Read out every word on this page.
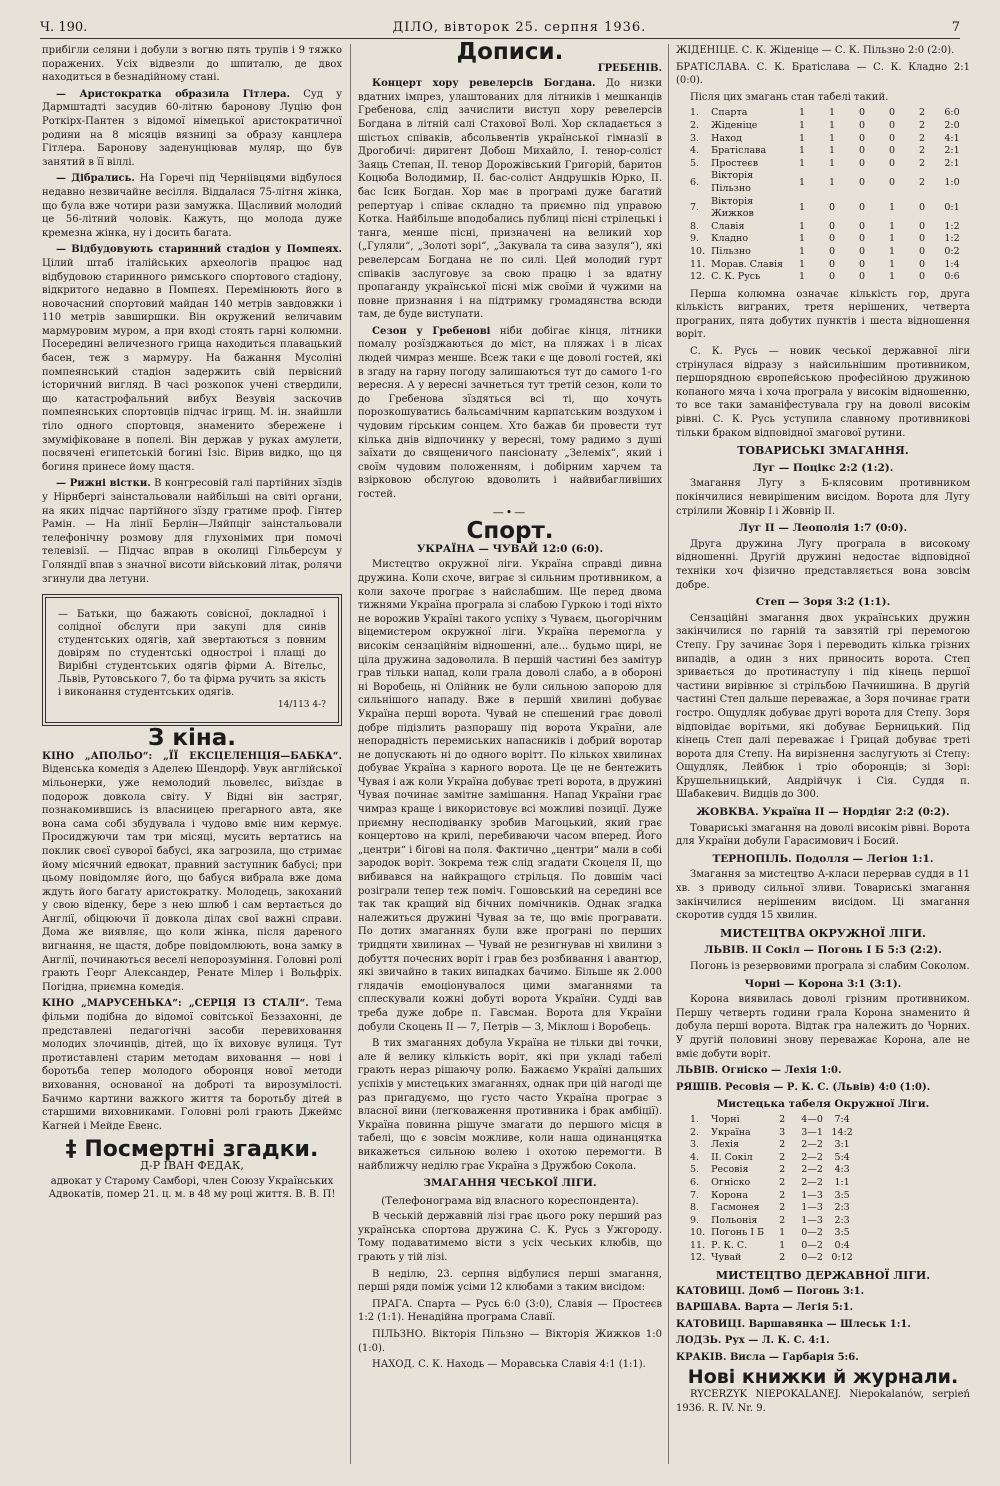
Ч. 190.	ДІЛО, вівторок 25. серпня 1936.	7

прибігли селяни і добули з вогню пять трупів і 9 тяжко поражених. Усіх відвезли до шпиталю, де двох находиться в безнадійному стані.

— Аристократка образила Гітлера. Суд у Дармштадті засудив 60-літню баронову Луцію фон Роткірх-Пантен з відомої німецької аристократичної родини на 8 місяців вязниці за образу канцлера Гітлера. Баронову заденунціював муляр, що був занятий в її віллі.

— Дібрались. На Горечі під Черніівцями відбулося недавно незвичайне весілля. Віддалася 75-літня жінка, що була вже чотири рази замужка. Щасливий молодий це 56-літний чоловік. Кажуть, що молода дуже кремезна жінка, ну і досить багата.

— Відбудовують старинний стадіон у Помпеях. Цілий штаб італійських археологів працює над відбудовою старинного римського спортового стадіону, відкритого недавно в Помпеях. Перемінюють його в новочасний спортовий майдан 140 метрів завдовжки і 110 метрів завширшки. Він окружений величавим мармуровим муром, а при вході стоять гарні колюмни. Посередині величезного грища находиться плавацький басен, теж з мармуру. На бажання Мусоліні помпеянський стадіон задержить свій первісний історичний вигляд. В часі розкопок учені ствердили, що катастрофальний вибух Везувія заскочив помпеянських спортовців підчас ігрищ. М. ін. знайшли тіло одного спортовця, знаменито збережене і змуміфіковане в попелі. Він держав у руках амулети, посвячені египетській богині Ізіс. Вірив видко, що ця богиня принесе йому щастя.

— Рижні вістки. В конгресовій галі партійних зїздів у Нірнбергі заінстальовали найбільші на світі органи, на яких підчас партійного зїзду гратиме проф. Гінтер Рамін. — На лінії Берлін—Ляйпціг заінстальовали телефонічну розмову для глухонімих при помочі телевізії. — Підчас вправ в околиці Гільберсум у Голяндії впав з значної висоти військовий літак, ролячи згинули два летуни.

— Батьки, що бажають совісної, докладної і солідної обслуги при закупі для синів студентських одягів, хай звертаються з повним довірям по студентські одностроі і плащі до Вирібні студентських одягів фірми А. Вітельс, Львів, Рутовського 7, бо та фірма ручить за якість і виконання студентських одягів.
14/113 4-?
З кіна.

КІНО „АПОЛЬО“: „ЇЇ ЕКСЦЕЛЕНЦІЯ—БАБКА“. Віденська комедія з Аделею Шендорф. Увук англійської мільонерки, уже немолодий льовелєс, виїздає в подорож довкола світу. У Відні він застряг, познакомившись із власницею прегарного авта, яке вона сама собі збудувала і чудово вміє ним кермує. Просиджуючи там три місяці, мусить вертатись на поклик своєї суворої бабусі, яка загрозила, що стримає йому місячний едвокат, правний заступник бабусі; при цьому повідомляє його, що бабуся вибрала вже дома ждуть його багату аристократку. Молодець, закоханий у свою віденку, бере з нею шлюб і сам вертається до Англії, обіцюючи її довкола ділах свої важні справи. Дома же виявляє, що коли жінка, після дареного вигнання, не щастя, добре повідомлюють, вона замку в Англії, починаються веселі непорозуміння. Головні ролі грають Георг Александер, Ренате Мілер і Вольфріх. Погідна, приємна комедія.

КІНО „МАРУСЕНЬКА“: „СЕРЦЯ ІЗ СТАЛІ“. Тема фільми подібна до відомої совітської Беззахонні, де представлені педагогічні засоби перевиховання молодих злочинців, дітей, що їх виховує вулиця. Тут протиставлені старим методам виховання — нові і боротьба тепер молодого оборонця нової методи виховання, основаної на доброті та вирозумілості. Бачимо картини важкого життя та боротьбу дітей в старшими виховниками. Головні ролі грають Джеймс Кагней і Мейде Евенс.

‡ Посмертні згадки.
Д-Р ІВАН ФЕДАК,

адвокат у Старому Самборі, член Союзу Українських Адвокатів, помер 21. ц. м. в 48 му році життя. В. В. П!

Дописи.
ГРЕБЕНІВ.

Концерт хору ревелерсів Богдана. До низки вдатних імпрез, улаштованих для літників і мешканців Гребенова, слід зачислити виступ хору ревелерсів Богдана в літній салі Стахової Волі. Хор складається з шістьох співаків, абсольвентів української гімназії в Дрогобичі: диригент Добош Михайло, І. тенор-соліст Заяць Степан, ІІ. тенор Дорожівський Григорій, баритон Коцюба Володимир, ІІ. бас-соліст Андрушків Юрко, ІІ. бас Ісик Богдан. Хор має в програмі дуже багатий репертуар і співає складно та приємно під управою Котка. Найбільше вподобались публиці пісні стрілецькі і танга, менше пісні, призначені на великий хор („Гуляли“, „Золоті зорі“, „Закувала та сива зазуля“), які ревелерсам Богдана не по силі. Цей молодий гурт співаків заслуговує за свою працю і за вдатну пропаганду української пісні між своїми й чужими на повне признання і на підтримку громадянства всюди там, де буде виступати.

Сезон у Гребенові ніби добігає кінця, літники помалу розїзджаються до міст, на пляжах і в лісах людей чимраз менше. Всеж таки є ще доволі гостей, які в згаду на гарну погоду залишаються тут до самого 1-го вересня. А у вересні зачнеться тут третій сезон, коли то до Гребенова зїздяться всі ті, що хочуть порозкошуватись бальсамічним карпатським воздухом і чудовим гірським сонцем. Хто бажав би провести тут кілька днів відпочинку у вересні, тому радимо з душі заїхати до священичого пансіонату „Зелеміх“, який і своїм чудовим положенням, і добірним харчем та взірковою обслугою вдоволить і найвибагливіших гостей.

—•—
Спорт.
УКРАЇНА — ЧУВАЙ 12:0 (6:0).

Мистецтво окружної ліги. Україна справді дивна дружина. Коли схоче, виграє зі сильним противником, а коли захоче програє з найслабшим. Ще перед двома тижнями Україна програла зі слабою Гуркою і тоді ніхто не ворожив Україні такого успіху з Чуваєм, цьогорічним віцемистером окружної ліги. Україна перемогла у високім сензаційнім відношенні, але... будьмо щирі, не ціла дружина задоволила. В першій частині без замітур грав тільки напад, коли грала доволі слабо, а в обороні ні Воробець, ні Олійник не були сильною запорою для сильнішого нападу. Вже в першій хвилині добуває Україна перші ворота. Чувай не спешений грає доволі добре підізлить разпорашу під ворота України, але непорадність перемиських напасників і добрий воротар не допускають ні до одного ворітт. По кількох хвилинах добуває Україна з карного ворота. Це це не бентежить Чувая і аж коли Україна добуває треті ворота, в дружині Чувая починає замітне замішання. Напад України грає чимраз краще і використовує всі можливі позиції. Дуже приємну несподіванку зробив Магоцький, який грає концертово на крилі, перебиваючи часом вперед. Його „центри“ і бігові на поля. Фактично „центри“ мали в собі зародок воріт. Зокрема теж слід згадати Скоцеля ІІ, що вибивався на найкращого стрільця. По довшім часі розіграли тепер теж поміч. Гошовський на середині все так так кращий від бічних помічників. Однак згадка належиться дружині Чувая за те, що вміє програвати. По дотих змаганнях були вже програні по перших тридцяти хвилинах — Чувай не резигнував ні хвилини з добуття почесних воріт і грав без розбивання і авантюр, які звичайно в таких випадках бачимо. Більше як 2.000 глядачів емоціонувалося цими змаганнями та сплескували кожні добуті ворота України. Судді вав треба дуже добре п. Гавсман. Ворота для України добули Скоцень ІІ — 7, Петрів — 3, Міклош і Воробець.

В тих змаганнях добула Україна не тільки дві точки, але й велику кількість воріт, які при укладі табелі грають нераз рішаючу ролю. Бажаємо Україні дальших успіхів у мистецьких змаганнях, однак при цій нагоді ще раз пригадуємо, що густо часто Україна програє з власної вини (легковаження противника і брак амбіції). Україна повинна рішуче змагати до першого місця в табелі, що є зовсім можливе, коли наша одинанцятка викажеться сильною волею і охотою перемогти. В найближчу неділю грає Україна з Дружбою Сокола.

ЗМАГАННЯ ЧЕСЬКОЇ ЛІГИ.
(Телефонограма від власного кореспондента).

В чеській державній лізі грає цього року перший раз українська спортова дружина С. К. Русь з Ужгороду. Тому подаватимемо вісти з усіх чеських клюбів, що грають у тій лізі.

В неділю, 23. серпня відбулися перші змагання, перші ряди поміж усіми 12 клюбами з таким висідом:

ПРАГА. Спарта — Русь 6:0 (3:0), Славія — Простеєв 1:2 (1:1). Ненадійна програма Славії.

ПІЛЬЗНО. Вікторія Пільзно — Вікторія Жижков 1:0 (1:0).

НАХОД. С. К. Находь — Моравська Славія 4:1 (1:1).

ЖІДЕНІЦЕ. С. К. Жіденіце — С. К. Пільзно 2:0 (2:0).

БРАТІСЛАВА. С. К. Братіслава — С. К. Кладно 2:1 (0:0).

Після цих змагань стан табелі такий.

1.	Спарта	1	1	0	0	2	6:0
2.	Жіденіце	1	1	0	0	2	2:0
3.	Наход	1	1	0	0	2	4:1
4.	Братіслава	1	1	0	0	2	2:1
5.	Простеєв	1	1	0	0	2	2:1
6.	Вікторія Пільзно	1	1	0	0	2	1:0
7.	Вікторія Жижков	1	0	0	1	0	0:1
8.	Славія	1	0	0	1	0	1:2
9.	Кладно	1	0	0	1	0	1:2
10.	Пільзно	1	0	0	1	0	0:2
11.	Морав. Славія	1	0	0	1	0	1:4
12.	С. К. Русь	1	0	0	1	0	0:6

Перша колюмна означає кількість гор, друга кількість виграних, третя нерішених, четверта програних, пята добутих пунктів і шеста відношення воріт.

С. К. Русь — новик чеської державної ліги стрінулася відразу з найсильнішим противником, першорядною європейською професійною дружиною копаного мяча і хоча програла у високім відношенню, то все таки заманіфестувала гру на доволі високім рівні. С. К. Русь уступила славному противникові тільки браком відповідної змагової рутини.

ТОВАРИСЬКІ ЗМАГАННЯ.
Луг — Поцікс 2:2 (1:2).

Змагання Лугу з Б-клясовим противником покінчилися невирішеним висідом. Ворота для Лугу стрілили Жовнір І і Жовнір ІІ.

Луг ІІ — Леополія 1:7 (0:0).

Друга дружина Лугу програла в високому відношенні. Другій дружині недостає відповідної техніки хоч фізично представляється вона зовсім добре.

Степ — Зоря 3:2 (1:1).

Сензаційні змагання двох українських дружин закінчилися по гарній та завзятій грі перемогою Степу. Гру зачинає Зоря і переводить кілька грізних випадів, а один з них приносить ворота. Степ зривається до протинаступу і під кінець першої частини вирівнює зі стрільбою Пачнишина. В другій частині Степ дальше переважає, а Зоря починає грати гостро. Ощудляк добуває другі ворота для Степу. Зоря відповідає ворітьми, які добуває Берницький. Під кінець Степ далі переважає і Грицай добуває треті ворота для Степу. На вирізнення заслугують зі Степу: Ощудляк, Лейбюк і тріо оборонців; зі Зорі: Крушельницький, Андрійчук і Сія. Суддя п. Шабакевич. Видців до 300.

ЖОВКВА. Україна ІІ — Нордіяг 2:2 (0:2).

Товариські змагання на доволі високім рівні. Ворота для України добули Гарасимович і Босий.

ТЕРНОПІЛЬ. Подолля — Легіон 1:1.

Змагання за мистецтво А-класи перервав суддя в 11 хв. з приводу сильної зливи. Товариські змагання закінчилися нерішеним висідом. Ці змагання скоротив суддя 15 хвилин.

МИСТЕЦТВА ОКРУЖНОЇ ЛІГИ.
ЛЬВІВ. ІІ Сокіл — Погонь І Б 5:3 (2:2).

Погонь із резервовими програла зі слабим Соколом.

Чорні — Корона 3:1 (3:1).

Корона виявилась доволі грізним противником. Першу четверть години грала Корона знаменито й добула перші ворота. Відтак гра належить до Чорних. У другій половині знову переважає Корона, але не вміє добути воріт.

ЛЬВІВ. Огніско — Лехія 1:0.

РЯШІВ. Ресовія — Р. К. С. (Львів) 4:0 (1:0).

Мистецька табеля Окружної Ліги.
1.	Чорні	2	4—0	7:4
2.	Україна	3	3—1	14:2
3.	Лехія	2	2—2	3:1
4.	ІІ. Сокіл	2	2—2	5:4
5.	Ресовія	2	2—2	4:3
6.	Огніско	2	2—2	1:1
7.	Корона	2	1—3	3:5
8.	Гасмонея	2	1—3	2:3
9.	Польонія	2	1—3	2:3
10.	Погонь І Б	1	0—2	3:5
11.	Р. К. С.	1	0—2	0:4
12.	Чувай	2	0—2	0:12
МИСТЕЦТВО ДЕРЖАВНОЇ ЛІГИ.

КАТОВИЦІ. Домб — Погонь 3:1.

ВАРШАВА. Варта — Легія 5:1.

КАТОВИЦІ. Варшавянка — Шлеськ 1:1.

ЛОДЗЬ. Рух — Л. К. С. 4:1.

КРАКІВ. Висла — Гарбарія 5:6.

Нові книжки й журнали.

RYCERZYK NIEPOKALANEJ. Niepokalanów, serpień 1936. R. IV. Nr. 9.
